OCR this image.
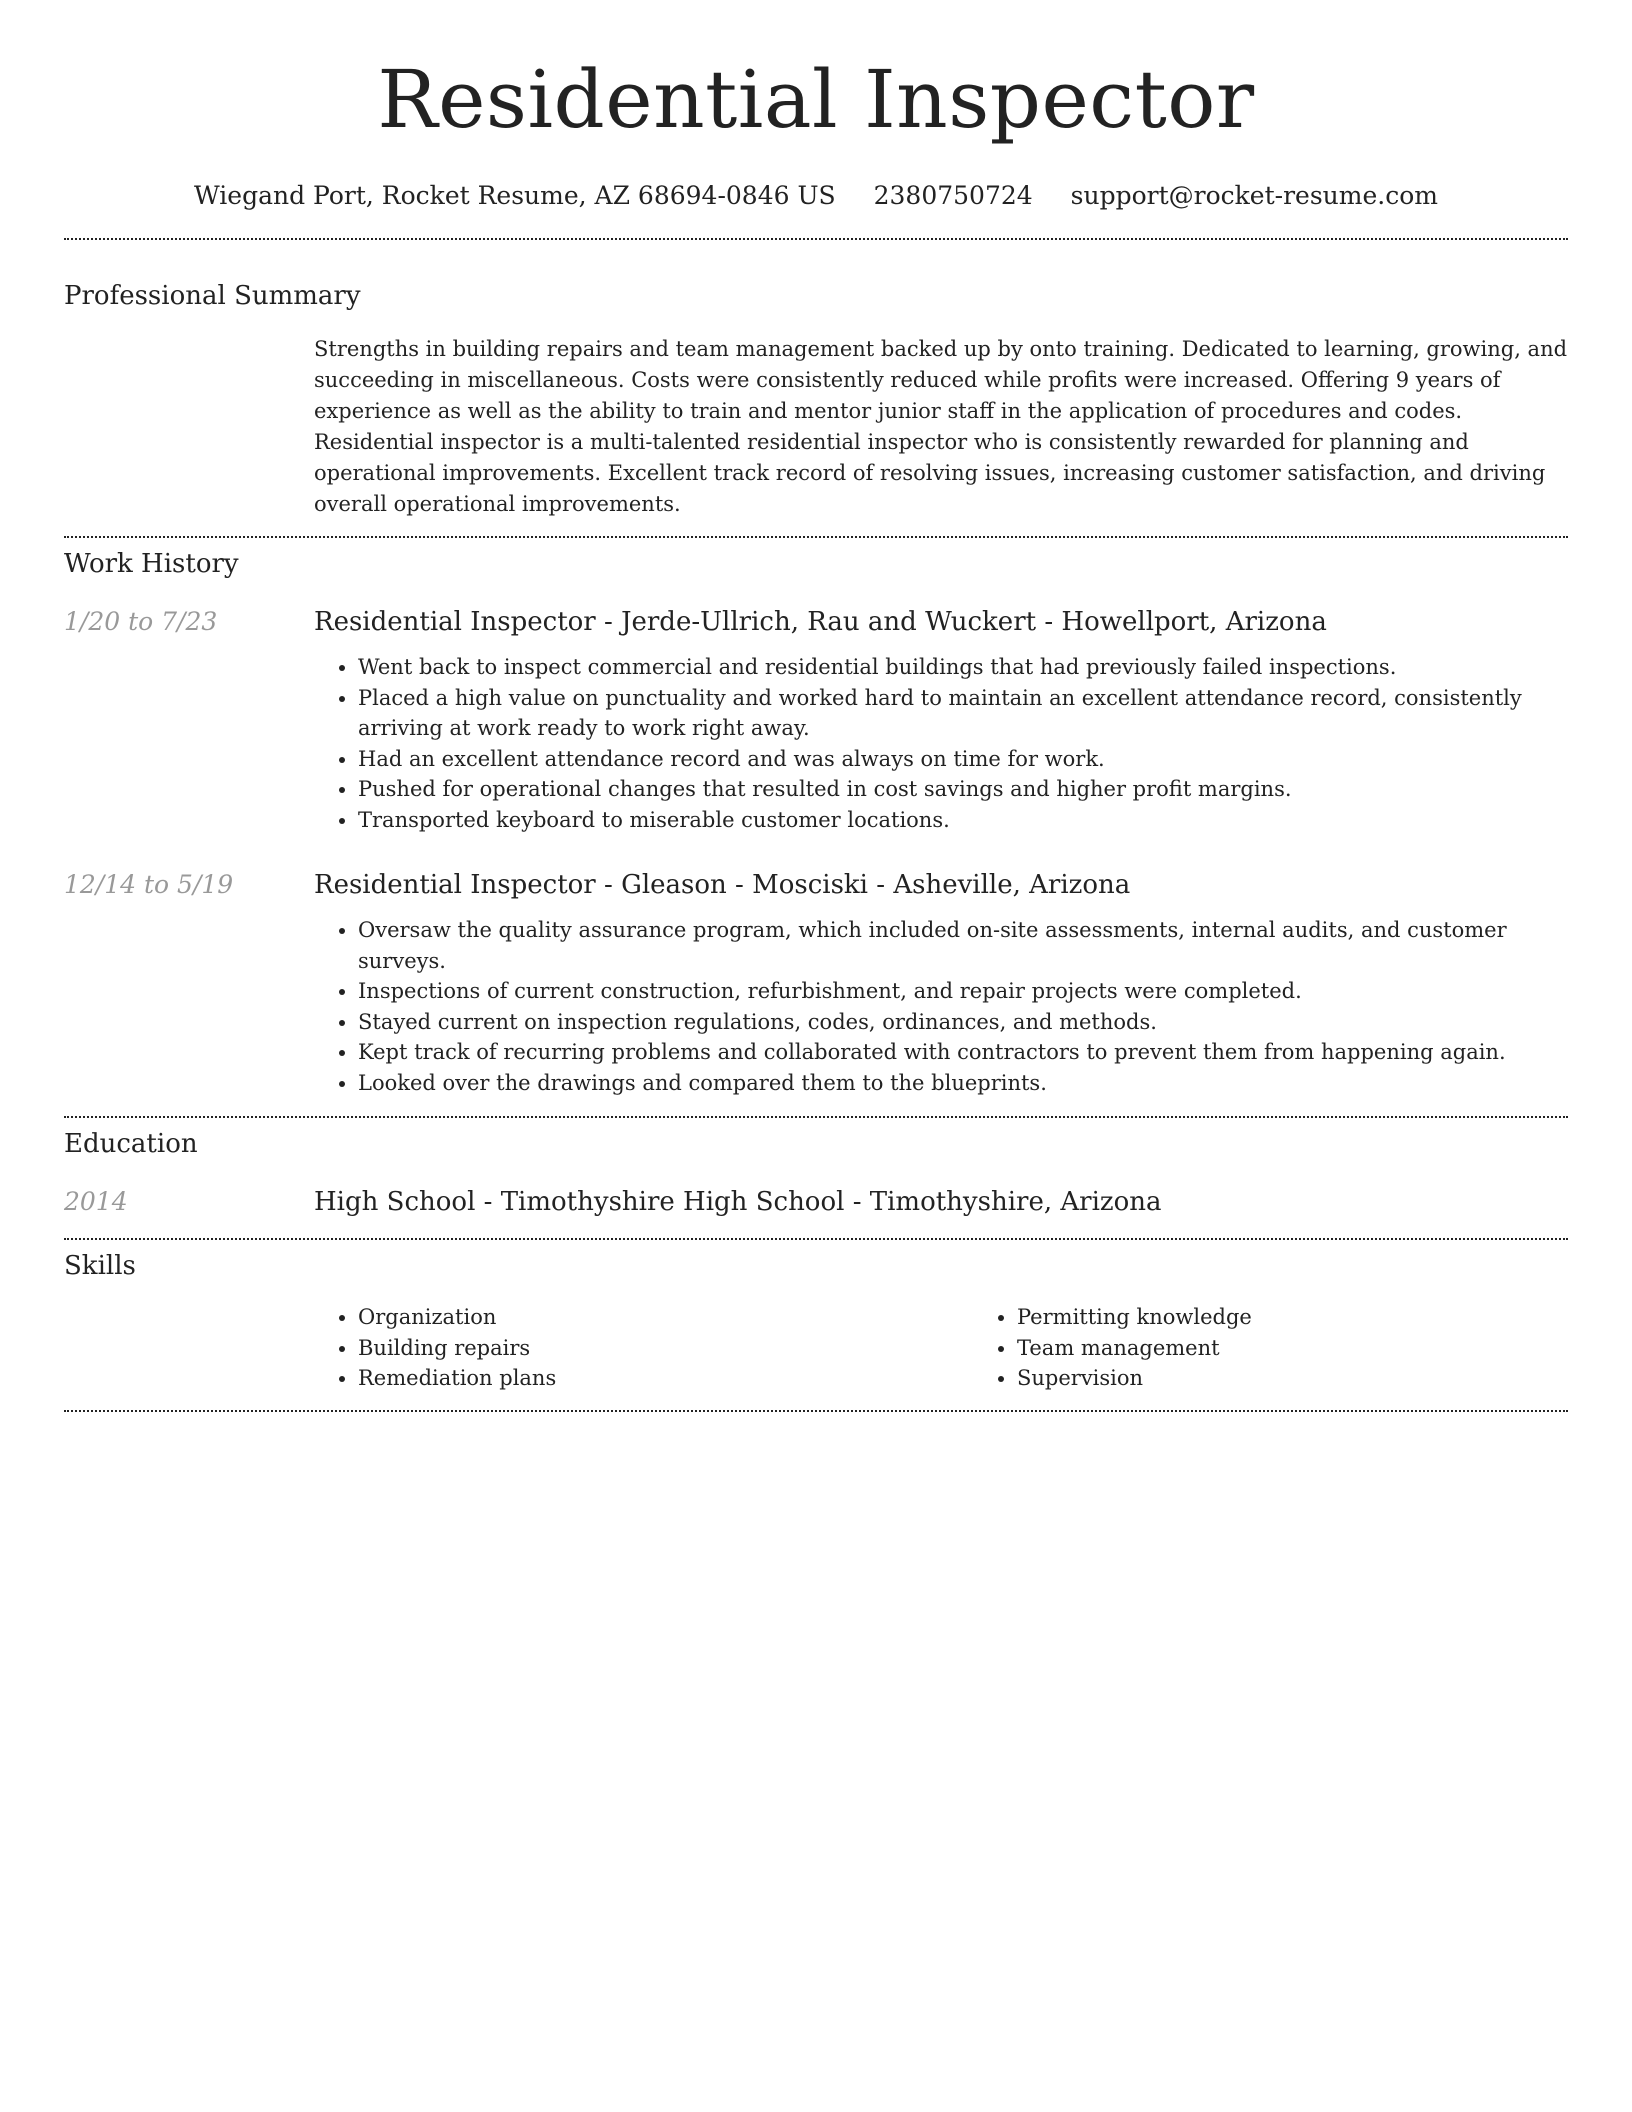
Residential Inspector
Wiegand Port, Rocket Resume, AZ 68694-0846 US 2380750724 support@rocket-resume.com
Professional Summary

Strengths in building repairs and team management backed up by onto training. Dedicated to learning, growing, and succeeding in miscellaneous. Costs were consistently reduced while profits were increased. Offering 9 years of experience as well as the ability to train and mentor junior staff in the application of procedures and codes. Residential inspector is a multi-talented residential inspector who is consistently rewarded for planning and operational improvements. Excellent track record of resolving issues, increasing customer satisfaction, and driving overall operational improvements.

Work History
1/20 to 7/23	Residential Inspector - Jerde-Ullrich, Rau and Wuckert - Howellport, Arizona
• Went back to inspect commercial and residential buildings that had previously failed inspections.
• Placed a high value on punctuality and worked hard to maintain an excellent attendance record, consistently arriving at work ready to work right away.
• Had an excellent attendance record and was always on time for work.
• Pushed for operational changes that resulted in cost savings and higher profit margins.
• Transported keyboard to miserable customer locations.
12/14 to 5/19	Residential Inspector - Gleason - Mosciski - Asheville, Arizona
• Oversaw the quality assurance program, which included on-site assessments, internal audits, and customer surveys.
• Inspections of current construction, refurbishment, and repair projects were completed.
• Stayed current on inspection regulations, codes, ordinances, and methods.
• Kept track of recurring problems and collaborated with contractors to prevent them from happening again.
• Looked over the drawings and compared them to the blueprints.
Education
2014	High School - Timothyshire High School - Timothyshire, Arizona
Skills
• Organization
• Building repairs
• Remediation plans
• Permitting knowledge
• Team management
• Supervision
